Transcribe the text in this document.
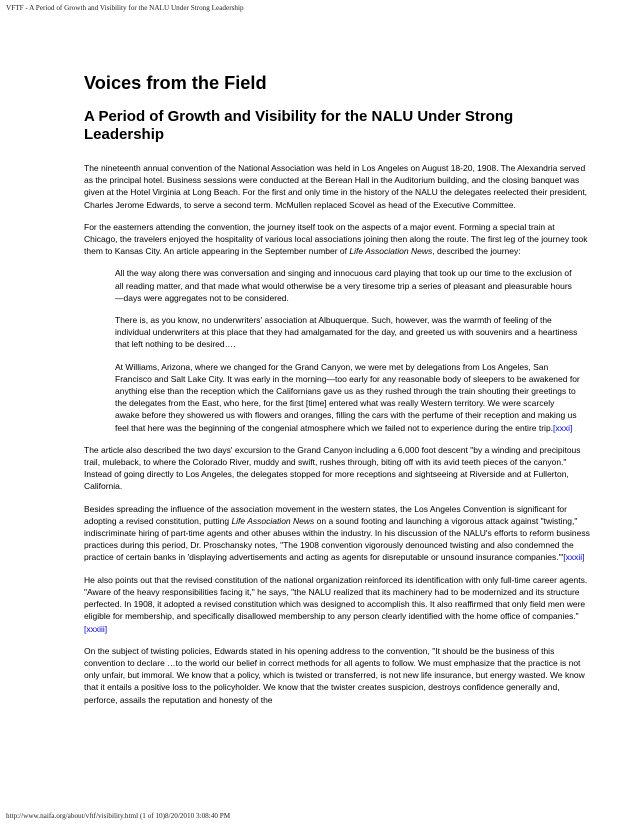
VFTF - A Period of Growth and Visibility for the NALU Under Strong Leadership
Voices from the Field
A Period of Growth and Visibility for the NALU Under Strong Leadership

The nineteenth annual convention of the National Association was held in Los Angeles on August 18-20, 1908. The Alexandria served as the principal hotel. Business sessions were conducted at the Berean Hall in the Auditorium building, and the closing banquet was given at the Hotel Virginia at Long Beach. For the first and only time in the history of the NALU the delegates reelected their president, Charles Jerome Edwards, to serve a second term. McMullen replaced Scovel as head of the Executive Committee.

For the easterners attending the convention, the journey itself took on the aspects of a major event. Forming a special train at Chicago, the travelers enjoyed the hospitality of various local associations joining then along the route. The first leg of the journey took them to Kansas City. An article appearing in the September number of Life Association News, described the journey:

All the way along there was conversation and singing and innocuous card playing that took up our time to the exclusion of all reading matter, and that made what would otherwise be a very tiresome trip a series of pleasant and pleasurable hours—days were aggregates not to be considered.

There is, as you know, no underwriters' association at Albuquerque. Such, however, was the warmth of feeling of the individual underwriters at this place that they had amalgamated for the day, and greeted us with souvenirs and a heartiness that left nothing to be desired….

At Williams, Arizona, where we changed for the Grand Canyon, we were met by delegations from Los Angeles, San Francisco and Salt Lake City. It was early in the morning—too early for any reasonable body of sleepers to be awakened for anything else than the reception which the Californians gave us as they rushed through the train shouting their greetings to the delegates from the East, who here, for the first [time] entered what was really Western territory. We were scarcely awake before they showered us with flowers and oranges, filling the cars with the perfume of their reception and making us feel that here was the beginning of the congenial atmosphere which we failed not to experience during the entire trip.[xxxi]

The article also described the two days' excursion to the Grand Canyon including a 6,000 foot descent "by a winding and precipitous trail, muleback, to where the Colorado River, muddy and swift, rushes through, biting off with its avid teeth pieces of the canyon." Instead of going directly to Los Angeles, the delegates stopped for more receptions and sightseeing at Riverside and at Fullerton, California.

Besides spreading the influence of the association movement in the western states, the Los Angeles Convention is significant for adopting a revised constitution, putting Life Association News on a sound footing and launching a vigorous attack against "twisting," indiscriminate hiring of part-time agents and other abuses within the industry. In his discussion of the NALU's efforts to reform business practices during this period, Dr. Proschansky notes, "The 1908 convention vigorously denounced twisting and also condemned the practice of certain banks in 'displaying advertisements and acting as agents for disreputable or unsound insurance companies.'"[xxxii]

He also points out that the revised constitution of the national organization reinforced its identification with only full-time career agents. "Aware of the heavy responsibilities facing it," he says, "the NALU realized that its machinery had to be modernized and its structure perfected. In 1908, it adopted a revised constitution which was designed to accomplish this. It also reaffirmed that only field men were eligible for membership, and specifically disallowed membership to any person clearly identified with the home office of companies."[xxxiii]

On the subject of twisting policies, Edwards stated in his opening address to the convention, "It should be the business of this convention to declare …to the world our belief in correct methods for all agents to follow. We must emphasize that the practice is not only unfair, but immoral. We know that a policy, which is twisted or transferred, is not new life insurance, but energy wasted. We know that it entails a positive loss to the policyholder. We know that the twister creates suspicion, destroys confidence generally and, perforce, assails the reputation and honesty of the

http://www.naifa.org/about/vftf/visibility.html (1 of 10)8/20/2010 3:08:40 PM
